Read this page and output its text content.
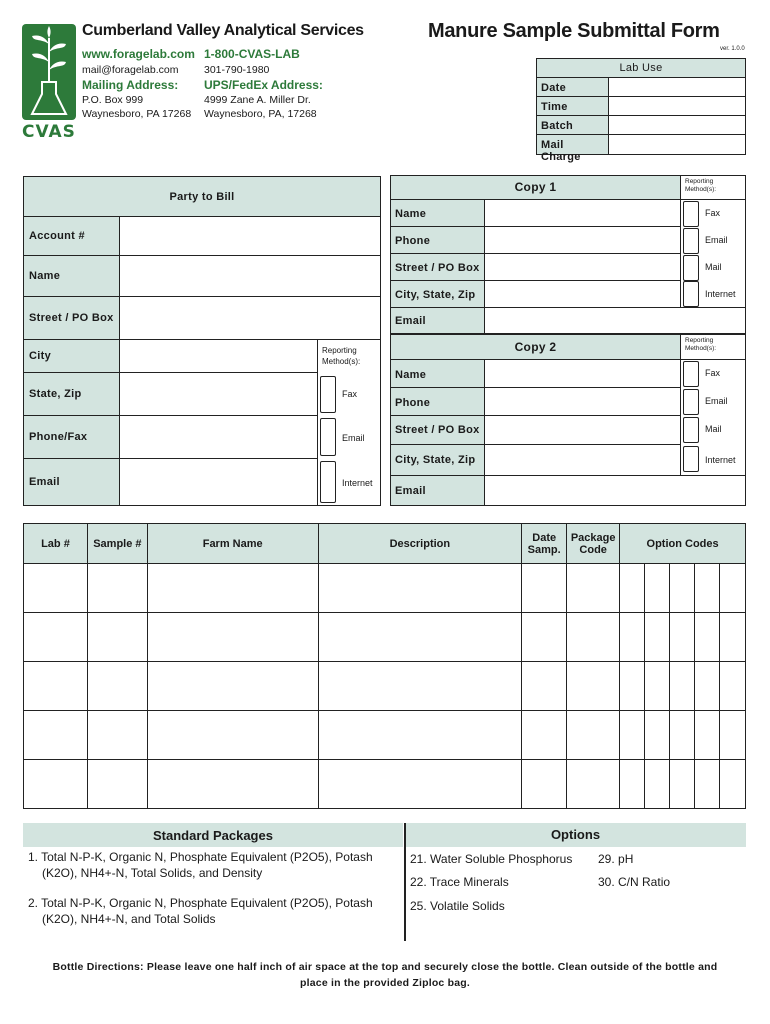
CVAS
Cumberland Valley Analytical Services
www.foragelab.com 1-800-CVAS-LAB
mail@foragelab.com 301-790-1980
Mailing Address: UPS/FedEx Address:
P.O. Box 999
Waynesboro, PA 17268
4999 Zane A. Miller Dr.
Waynesboro, PA, 17268
Manure Sample Submittal Form
ver. 1.0.0
Lab Use
Date
Time
Batch
Mail Charge
Party to Bill
Account #
Name
Street / PO Box
City
State, Zip
Phone/Fax
Email
Reporting Method(s):
Fax
Email
Internet
Copy 1	Reporting Method(s):
Name
Phone
Street / PO Box
City, State, Zip
Email
Fax
Email
Mail
Internet
Copy 2	Reporting Method(s):
Name
Phone
Street / PO Box
City, State, Zip
Email
Fax
Email
Mail
Internet
Lab #	Sample #	Farm Name	Description	Date Samp.	Package Code	Option Codes				

Standard Packages	Options
1. Total N-P-K, Organic N, Phosphate Equivalent (P2O5), Potash (K2O), NH4+-N, Total Solids, and Density
2. Total N-P-K, Organic N, Phosphate Equivalent (P2O5), Potash (K2O), NH4+-N, and Total Solids
21. Water Soluble Phosphorus
22. Trace Minerals
25. Volatile Solids
29. pH
30. C/N Ratio
Bottle Directions: Please leave one half inch of air space at the top and securely close the bottle. Clean outside of the bottle and place in the provided Ziploc bag.
